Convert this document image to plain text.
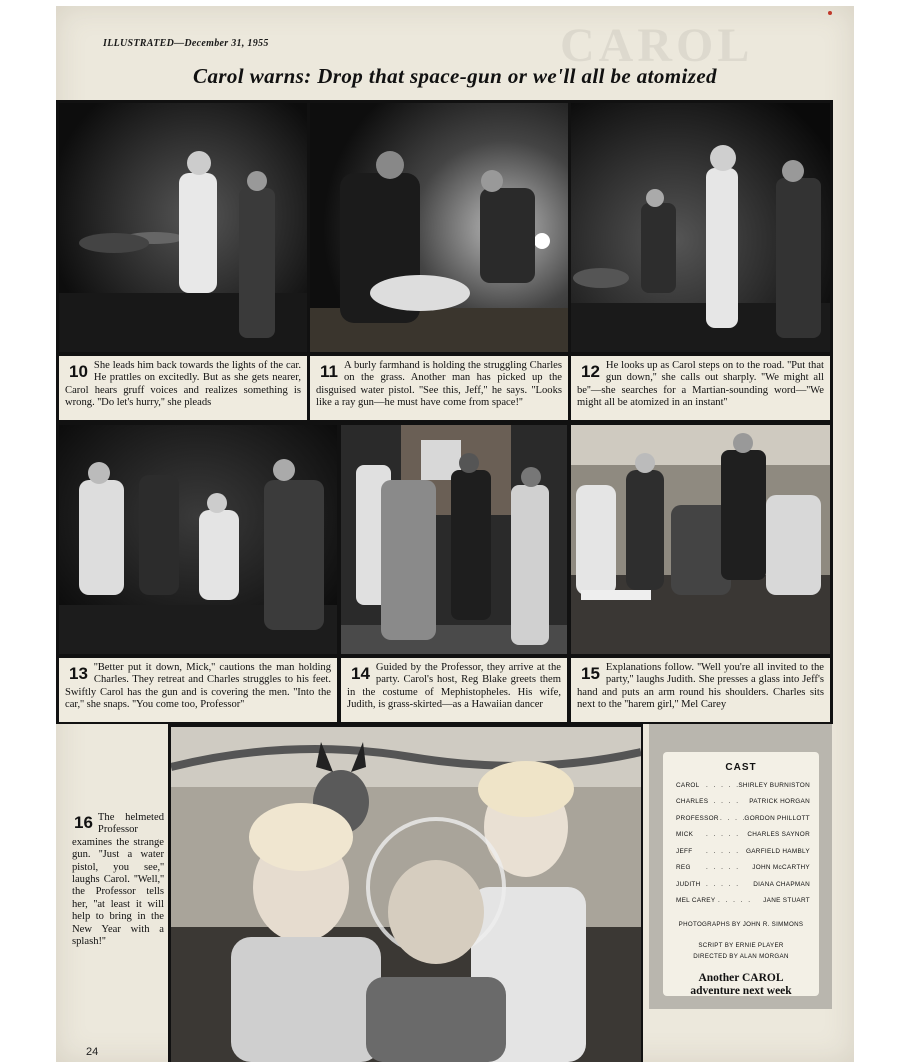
CAROL
ILLUSTRATED—December 31, 1955
Carol warns: Drop that space-gun or we'll all be atomized
10 She leads him back towards the lights of the car. He prattles on excitedly. But as she gets nearer, Carol hears gruff voices and realizes something is wrong. ''Do let's hurry,'' she pleads
11 A burly farmhand is holding the struggling Charles on the grass. Another man has picked up the disguised water pistol. ''See this, Jeff,'' he says. ''Looks like a ray gun—he must have come from space!''
12 He looks up as Carol steps on to the road. ''Put that gun down,'' she calls out sharply. ''We might all be''—she searches for a Martian-sounding word—''We might all be atomized in an instant''
13 ''Better put it down, Mick,'' cautions the man holding Charles. They retreat and Charles struggles to his feet. Swiftly Carol has the gun and is covering the men. ''Into the car,'' she snaps. ''You come too, Professor''
14 Guided by the Professor, they arrive at the party. Carol's host, Reg Blake greets them in the costume of Mephistopheles. His wife, Judith, is grass-skirted—as a Hawaiian dancer
15 Explanations follow. ''Well you're all invited to the party,'' laughs Judith. She presses a glass into Jeff's hand and puts an arm round his shoulders. Charles sits next to the ''harem girl,'' Mel Carey
16 The helmeted Professor examines the strange gun. ''Just a water pistol, you see,'' laughs Carol. ''Well,'' the Professor tells her, ''at least it will help to bring in the New Year with a splash!''
CAST
CAROL . . . . .
SHIRLEY BURNISTON
CHARLES
. . . . . PATRICK HORGAN
PROFESSOR . . . . .
GORDON PHILLOTT
MICK . . . . . CHARLES SAYNOR
JEFF . . . . . GARFIELD HAMBLY
REG . . . . . JOHN McCARTHY
JUDITH . . . . . DIANA CHAPMAN
MEL CAREY . . . . . JANE STUART
PHOTOGRAPHS BY JOHN R. SIMMONS
SCRIPT BY ERNIE PLAYER
DIRECTED BY ALAN MORGAN
Another CAROL
adventure next week
24
